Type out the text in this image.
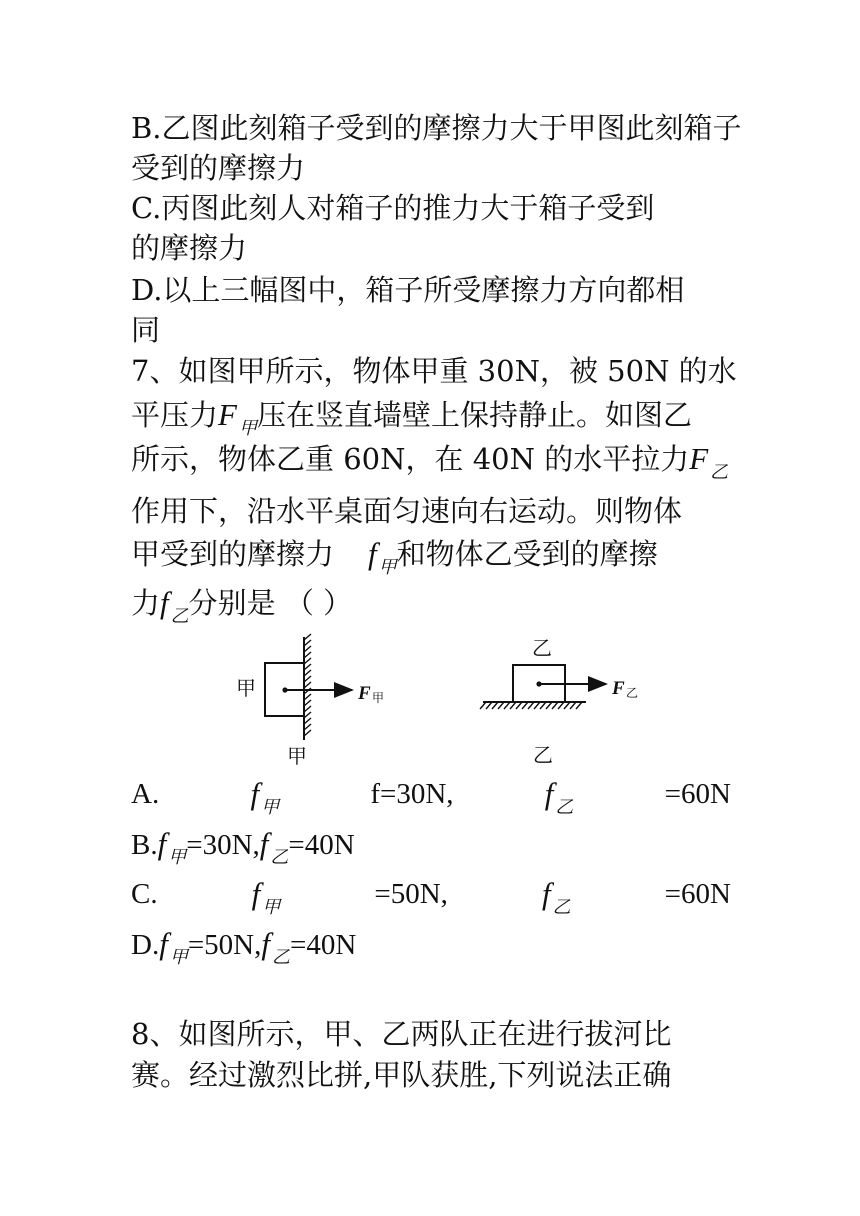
B.乙图此刻箱子受到的摩擦力大于甲图此刻箱子
受到的摩擦力
C.丙图此刻人对箱子的推力大于箱子受到
的摩擦力
D.以上三幅图中，箱子所受摩擦力方向都相
同
7、如图甲所示，物体甲重 30N，被 50N 的水
平压力F $_甲$压在竖直墙壁上保持静止。如图乙
所示，物体乙重 60N，在 40N 的水平拉力F $_乙$
作用下，沿水平桌面匀速向右运动。则物体
甲受到的摩擦力 f $_甲$和物体乙受到的摩擦
力f $_乙$分别是 （ ）
F 甲
甲
甲
F 乙
乙
乙
A.	f $_甲$	f=30N,	f $_乙$	=60N
B.f $_甲$=30N,f $_乙$=40N
C.	f $_甲$	=50N,	f $_乙$	=60N
D.f $_甲$=50N,f $_乙$=40N
8、如图所示，甲、乙两队正在进行拔河比
赛。经过激烈比拼,甲队获胜,下列说法正确
